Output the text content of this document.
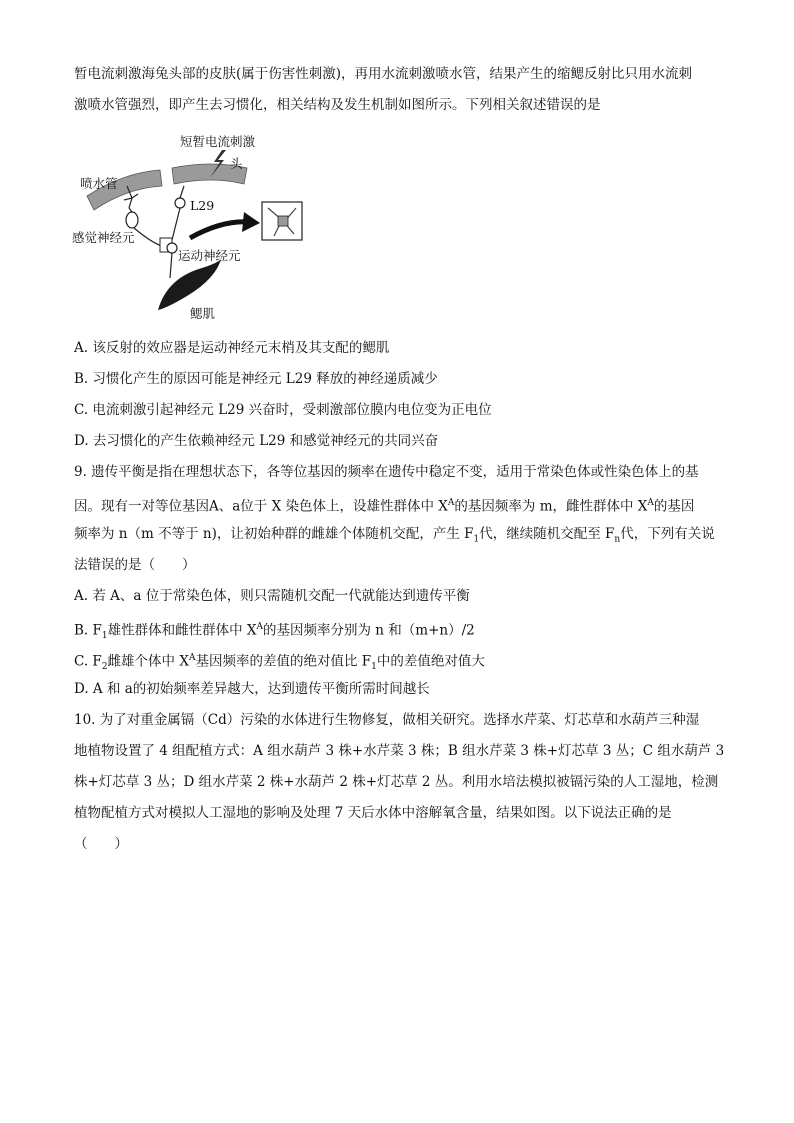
暂电流刺激海兔头部的皮肤(属于伤害性刺激)，再用水流刺激喷水管，结果产生的缩鳃反射比只用水流刺
激喷水管强烈，即产生去习惯化，相关结构及发生机制如图所示。下列相关叙述错误的是
短暂电流刺激
头
喷水管
L29
感觉神经元
运动神经元
鳃肌
A. 该反射的效应器是运动神经元末梢及其支配的鳃肌
B. 习惯化产生的原因可能是神经元 L29 释放的神经递质减少
C. 电流刺激引起神经元 L29 兴奋时，受刺激部位膜内电位变为正电位
D. 去习惯化的产生依赖神经元 L29 和感觉神经元的共同兴奋
9. 遗传平衡是指在理想状态下，各等位基因的频率在遗传中稳定不变，适用于常染色体或性染色体上的基
因。现有一对等位基因A、a位于 X 染色体上，设雄性群体中 $X^A$的基因频率为 m，雌性群体中 $X^A$的基因
频率为 n（m 不等于 n)，让初始种群的雌雄个体随机交配，产生 $F_1$代，继续随机交配至 $F_n$代，下列有关说
法错误的是（　　）
A. 若 A、a 位于常染色体，则只需随机交配一代就能达到遗传平衡
B. $F_1$雄性群体和雌性群体中 $X^A$的基因频率分别为 n 和（m+n）/2
C. $F_2$雌雄个体中 $X^A$基因频率的差值的绝对值比 $F_1$中的差值绝对值大
D. A 和 a的初始频率差异越大，达到遗传平衡所需时间越长
10. 为了对重金属镉（Cd）污染的水体进行生物修复，做相关研究。选择水芹菜、灯芯草和水葫芦三种湿
地植物设置了 4 组配植方式：A 组水葫芦 3 株+水芹菜 3 株；B 组水芹菜 3 株+灯芯草 3 丛；C 组水葫芦 3
株+灯芯草 3 丛；D 组水芹菜 2 株+水葫芦 2 株+灯芯草 2 丛。利用水培法模拟被镉污染的人工湿地，检测
植物配植方式对模拟人工湿地的影响及处理 7 天后水体中溶解氧含量，结果如图。以下说法正确的是
（　　）
